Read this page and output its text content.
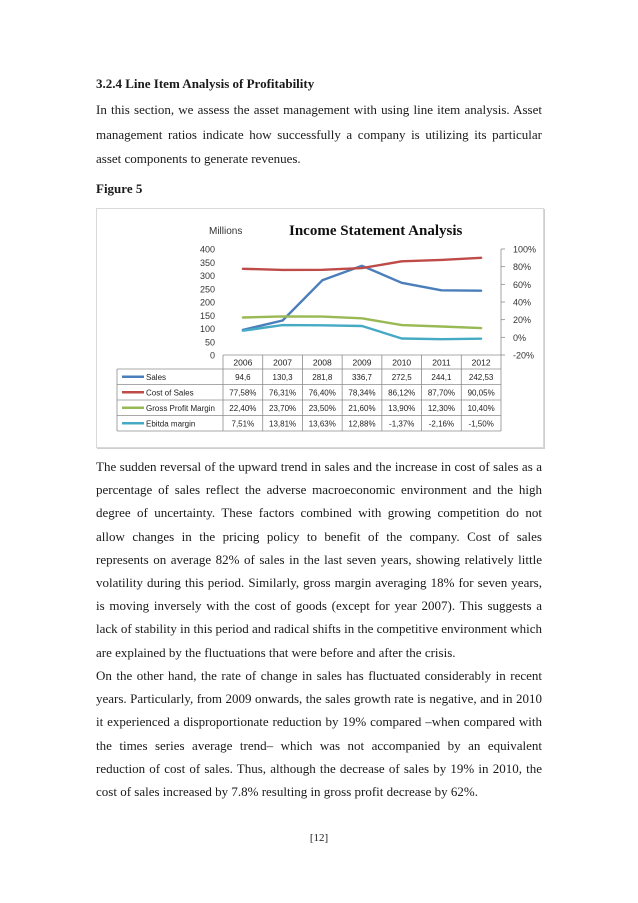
3.2.4 Line Item Analysis of Profitability

In this section, we assess the asset management with using line item analysis. Asset management ratios indicate how successfully a company is utilizing its particular asset components to generate revenues.

Figure 5

Millions	Income Statement Analysis
400
350
300
250
200
150
100
50
0
100%
80%
60%
40%
20%
0%
-20%
2006 2007 2008 2009 2010 2011 2012
Sales	94,6	130,3 281,8 336,7 272,5 244,1 242,53
Cost of Sales	77,58% 76,31% 76,40% 78,34% 86,12% 87,70% 90,05%
Gross Profit Margin 22,40% 23,70% 23,50% 21,60% 13,90% 12,30% 10,40%
Ebitda margin	7,51% 13,81% 13,63% 12,88% -1,37% -2,16% -1,50%

The sudden reversal of the upward trend in sales and the increase in cost of sales as a percentage of sales reflect the adverse macroeconomic environment and the high degree of uncertainty. These factors combined with growing competition do not allow changes in the pricing policy to benefit of the company. Cost of sales represents on average 82% of sales in the last seven years, showing relatively little volatility during this period. Similarly, gross margin averaging 18% for seven years, is moving inversely with the cost of goods (except for year 2007). This suggests a lack of stability in this period and radical shifts in the competitive environment which are explained by the fluctuations that were before and after the crisis.

On the other hand, the rate of change in sales has fluctuated considerably in recent years. Particularly, from 2009 onwards, the sales growth rate is negative, and in 2010 it experienced a disproportionate reduction by 19% compared –when compared with the times series average trend– which was not accompanied by an equivalent reduction of cost of sales. Thus, although the decrease of sales by 19% in 2010, the cost of sales increased by 7.8% resulting in gross profit decrease by 62%.

[12]
